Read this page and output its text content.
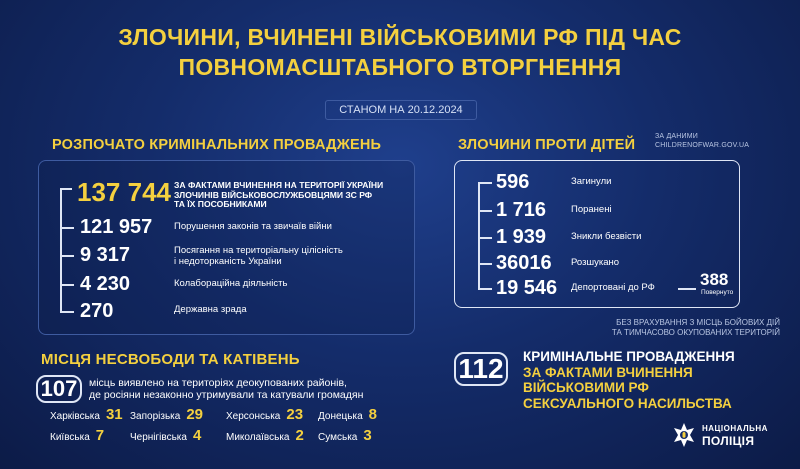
ЗЛОЧИНИ, ВЧИНЕНІ ВІЙСЬКОВИМИ РФ ПІД ЧАС
ПОВНОМАСШТАБНОГО ВТОРГНЕННЯ
СТАНОМ НА 20.12.2024
РОЗПОЧАТО КРИМІНАЛЬНИХ ПРОВАДЖЕНЬ
137 744 ЗА ФАКТАМИ ВЧИНЕННЯ НА ТЕРИТОРІЇ УКРАЇНИ
ЗЛОЧИНІВ ВІЙСЬКОВОСЛУЖБОВЦЯМИ ЗС РФ
ТА ЇХ ПОСОБНИКАМИ
121 957 Порушення законів та звичаїв війни
9 317	Посягання на територіальну цілісність
і недоторканість України
4 230	Колабораційна діяльність
270	Державна зрада
ЗЛОЧИНИ ПРОТИ ДІТЕЙ
ЗА ДАНИМИ
CHILDRENOFWAR.GOV.UA
596	Загинули
1 716	Поранені
1 939	Зникли безвісти
36016 Розшукано
19 546 Депортовані до РФ	388
Повернуто
БЕЗ ВРАХУВАННЯ З МІСЦЬ БОЙОВИХ ДІЙ
ТА ТИМЧАСОВО ОКУПОВАНИХ ТЕРИТОРІЙ
МІСЦЯ НЕСВОБОДИ ТА КАТІВЕНЬ
107	місць виявлено на територіях деокупованих районів,
де росіяни незаконно утримували та катували громадян
Харківська 31 Запорізька 29 Херсонська 23 Донецька 8
Київська 7	Чернігівська 4 Миколаївська 2 Сумська 3
112	КРИМІНАЛЬНЕ ПРОВАДЖЕННЯ
ЗА ФАКТАМИ ВЧИНЕННЯ
ВІЙСЬКОВИМИ РФ
СЕКСУАЛЬНОГО НАСИЛЬСТВА
НАЦІОНАЛЬНА
ПОЛІЦІЯ
